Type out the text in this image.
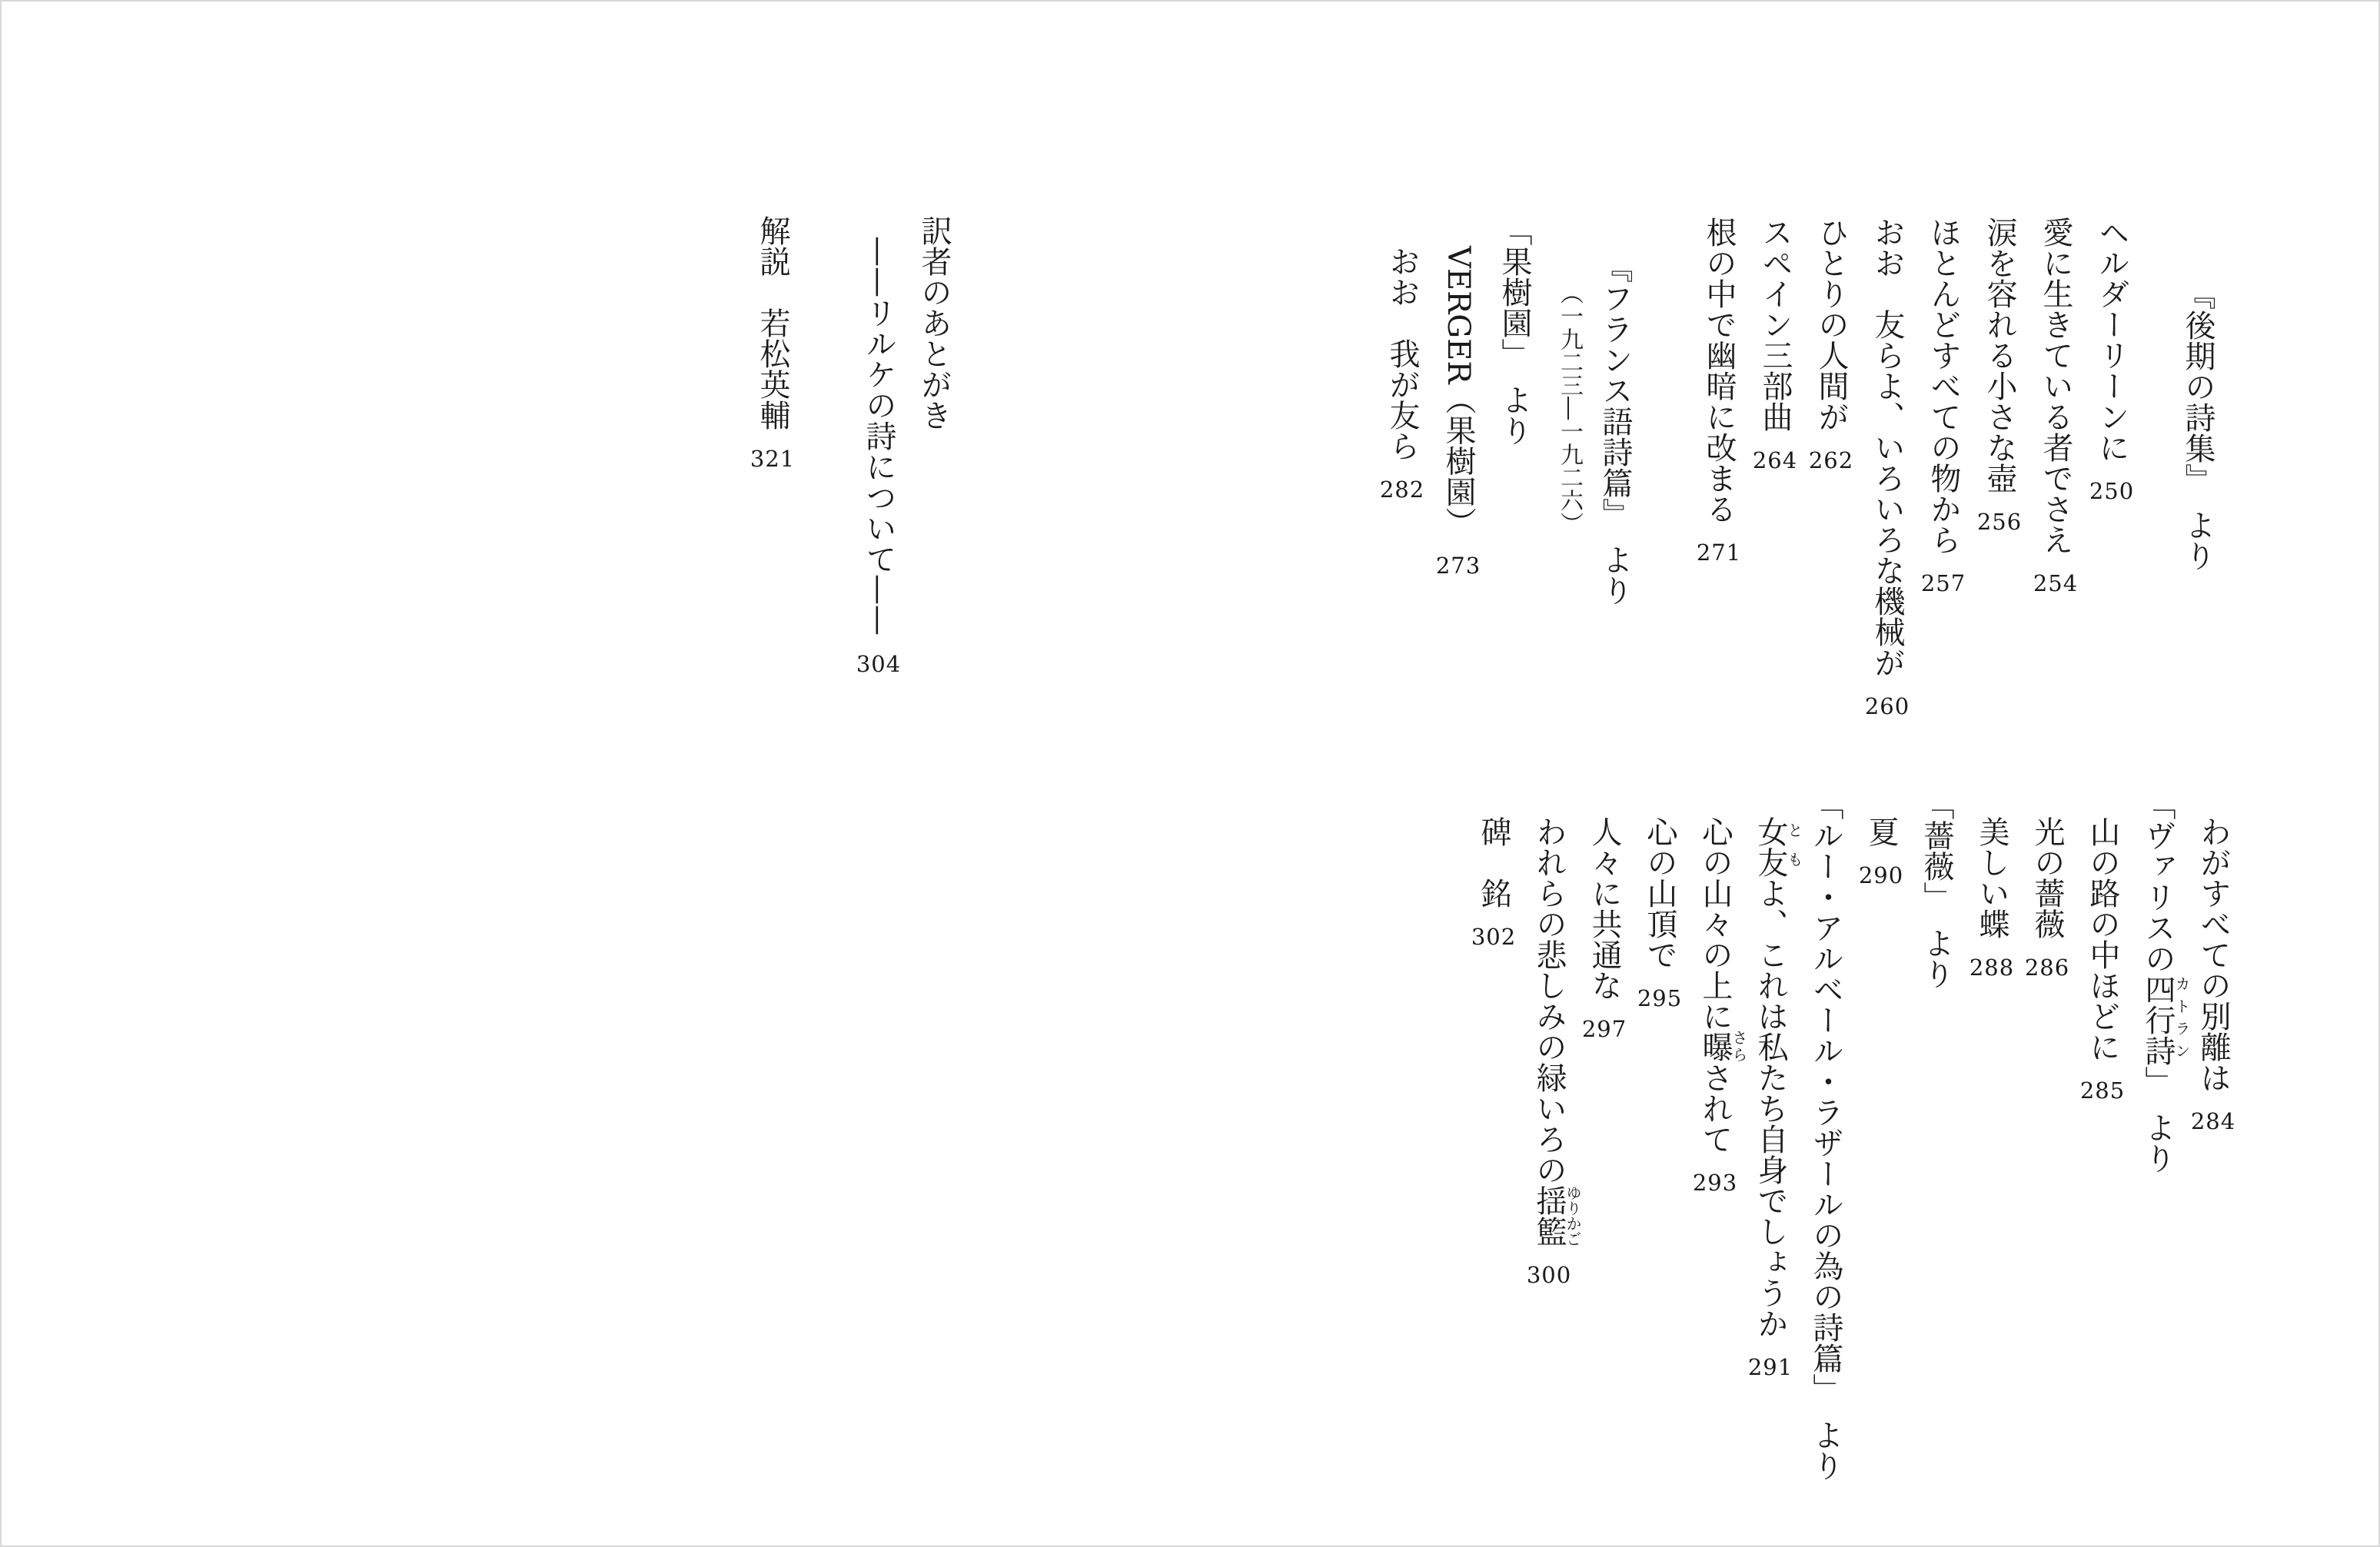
『後期の詩集』　より
ヘルダーリーンに
250
愛に生きている者でさえ
254
涙を容れる小さな壺
256
ほとんどすべての物から
257
おお　友らよ、いろいろな機械が
260
ひとりの人間が
262
スペイン三部曲
264
根の中で幽暗に改まる
271
『フランス語詩篇』　より
（一九二三―一九二六）
「果樹園」　より
VERGER（果樹園）
273
おお　我が友ら
282
訳者のあとがき
——リルケの詩について——
304
解説　若松英輔
321
わがすべての別離は
284
「ヴァリスの四行詩」　より
カトラン
山の路の中ほどに
285
光の薔薇
286
美しい蝶
288
「薔薇」　より
夏
290
「ルー・アルベール・ラザールの為の詩篇」　より
女友よ、これは私たち自身でしょうか
291
とも
心の山々の上に曝されて
293
さら
心の山頂で
295
人々に共通な
297
われらの悲しみの緑いろの揺籃
300
ゆりかご
碑　銘
302
